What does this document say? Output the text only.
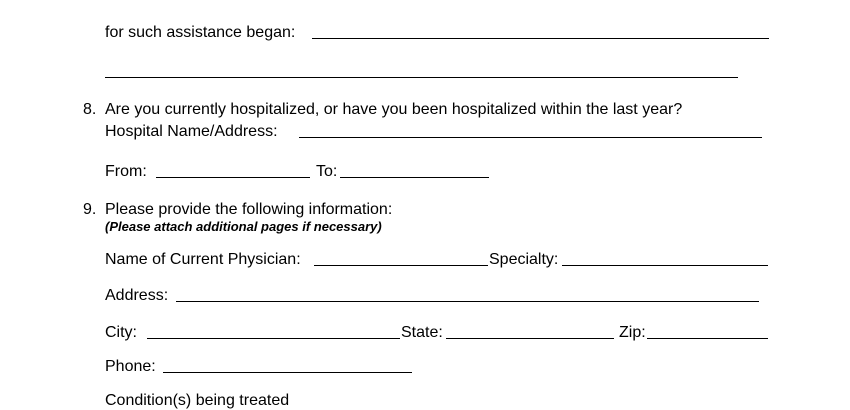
for such assistance began:
8. Are you currently hospitalized, or have you been hospitalized within the last year?
Hospital Name/Address:
From:	To:
9. Please provide the following information:
(Please attach additional pages if necessary)
Name of Current Physician:	Specialty:
Address:
City:	State:	Zip:
Phone:
Condition(s) being treated
